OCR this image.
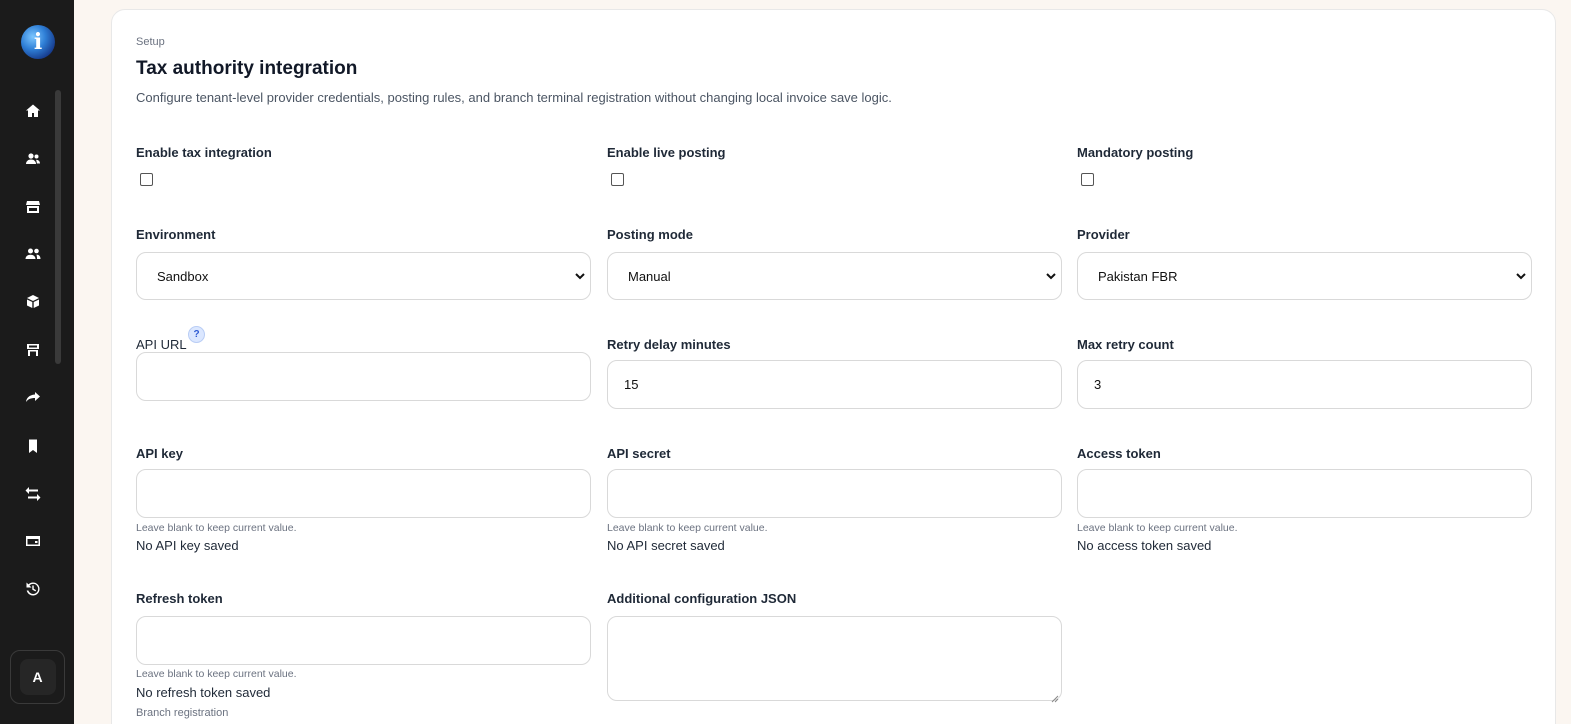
i
A
Setup
Tax authority integration
Configure tenant-level provider credentials, posting rules, and branch terminal registration without changing local invoice save logic.
Enable tax integration	Enable live posting	Mandatory posting
Environment
Sandbox
Posting mode
Manual
Provider
Pakistan FBR
API URL
?
Retry delay minutes
15
Max retry count
3
API key
Leave blank to keep current value.
No API key saved
API secret
Leave blank to keep current value.
No API secret saved
Access token
Leave blank to keep current value.
No access token saved
Refresh token
Leave blank to keep current value.
No refresh token saved
Additional configuration JSON
Branch registration
